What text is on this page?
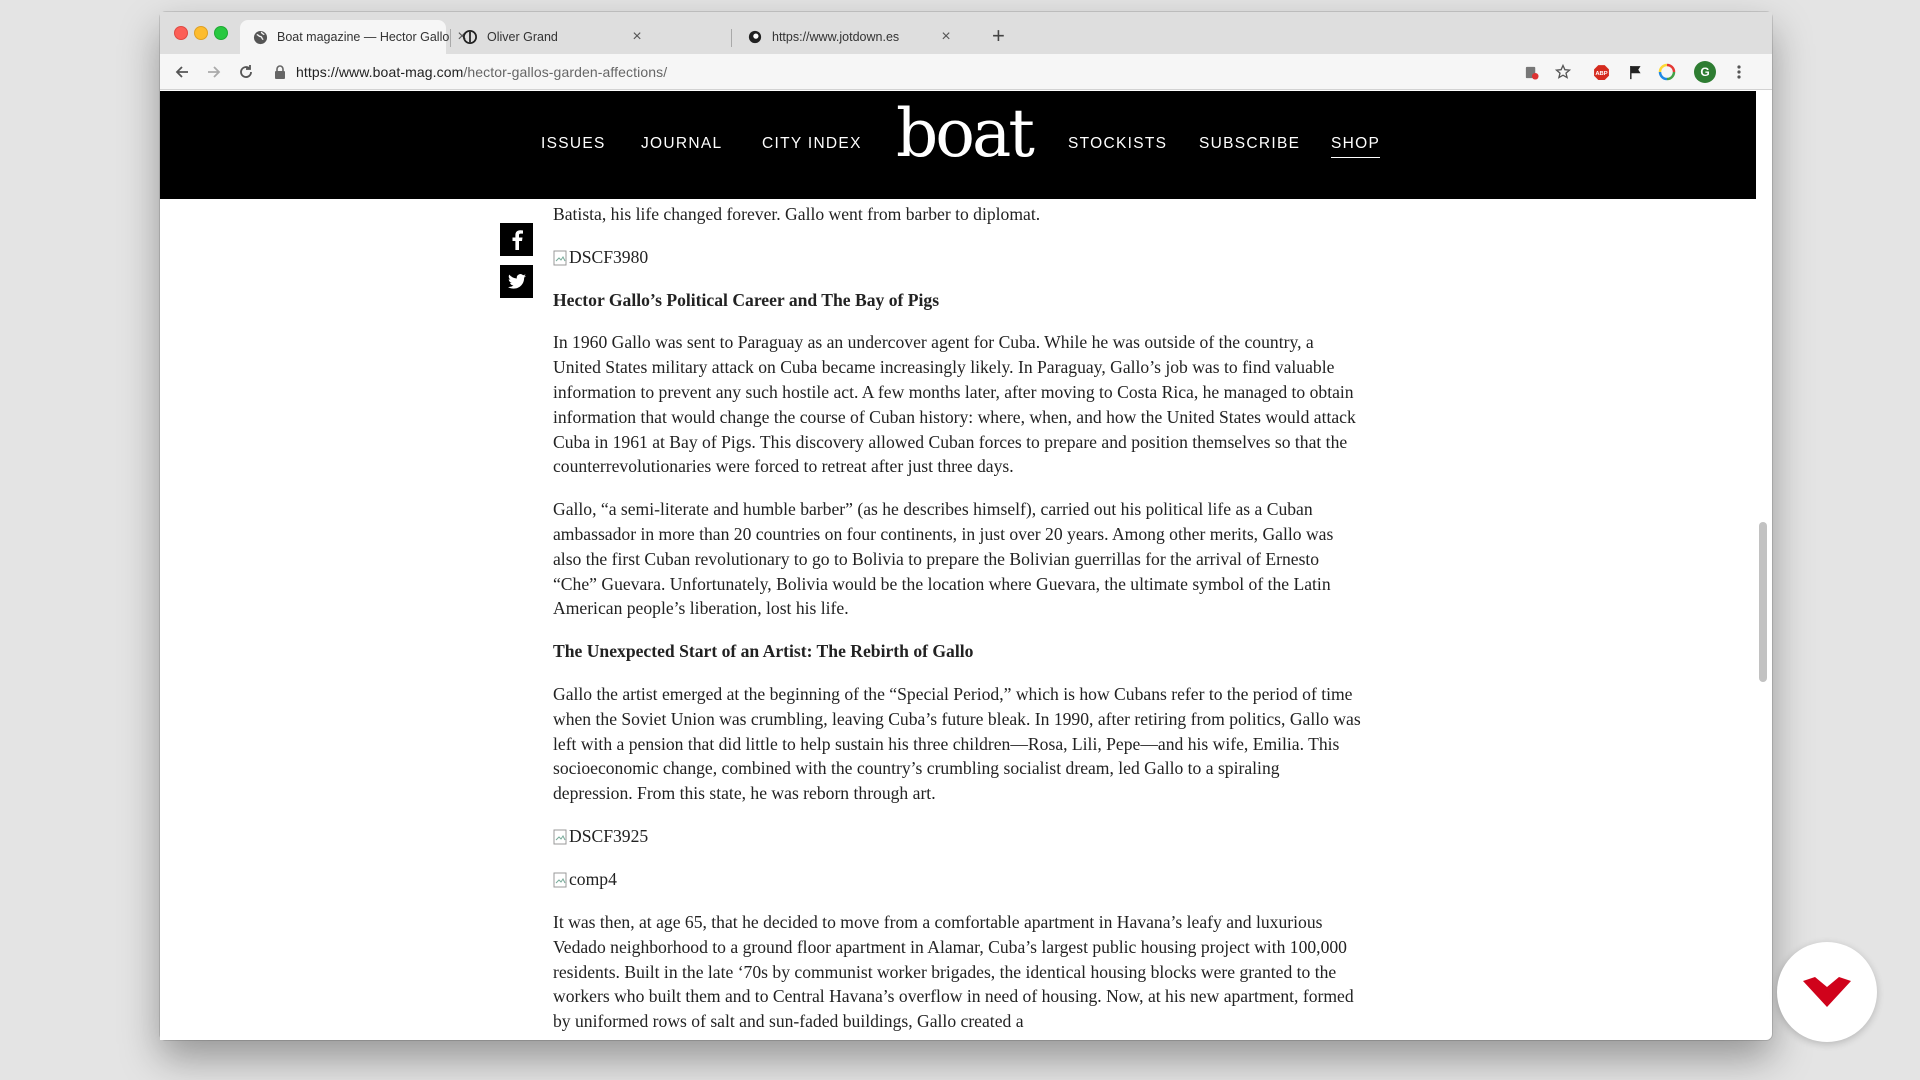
Boat magazine — Hector Gallo × Oliver Grand	×	https://www.jotdown.es	× +
https://www.boat-mag.com/hector-gallos-garden-affections/	ABP	G
ISSUES JOURNAL	CITY INDEX boat STOCKISTS SUBSCRIBE SHOP

Batista, his life changed forever. Gallo went from barber to diplomat.

DSCF3980
Hector Gallo’s Political Career and The Bay of Pigs

In 1960 Gallo was sent to Paraguay as an undercover agent for Cuba. While he was outside of the country, a United States military attack on Cuba became increasingly likely. In Paraguay, Gallo’s job was to find valuable information to prevent any such hostile act. A few months later, after moving to Costa Rica, he managed to obtain information that would change the course of Cuban history: where, when, and how the United States would attack Cuba in 1961 at Bay of Pigs. This discovery allowed Cuban forces to prepare and position themselves so that the counterrevolutionaries were forced to retreat after just three days.

Gallo, “a semi-literate and humble barber” (as he describes himself), carried out his political life as a Cuban ambassador in more than 20 countries on four continents, in just over 20 years. Among other merits, Gallo was also the first Cuban revolutionary to go to Bolivia to prepare the Bolivian guerrillas for the arrival of Ernesto “Che” Guevara. Unfortunately, Bolivia would be the location where Guevara, the ultimate symbol of the Latin American people’s liberation, lost his life.

The Unexpected Start of an Artist: The Rebirth of Gallo

Gallo the artist emerged at the beginning of the “Special Period,” which is how Cubans refer to the period of time when the Soviet Union was crumbling, leaving Cuba’s future bleak. In 1990, after retiring from politics, Gallo was left with a pension that did little to help sustain his three children—Rosa, Lili, Pepe—and his wife, Emilia. This socioeconomic change, combined with the country’s crumbling socialist dream, led Gallo to a spiraling depression. From this state, he was reborn through art.

DSCF3925
comp4

It was then, at age 65, that he decided to move from a comfortable apartment in Havana’s leafy and luxurious Vedado neighborhood to a ground floor apartment in Alamar, Cuba’s largest public housing project with 100,000 residents. Built in the late ‘70s by communist worker brigades, the identical housing blocks were granted to the workers who built them and to Central Havana’s overflow in need of housing. Now, at his new apartment, formed by uniformed rows of salt and sun-faded buildings, Gallo created a
